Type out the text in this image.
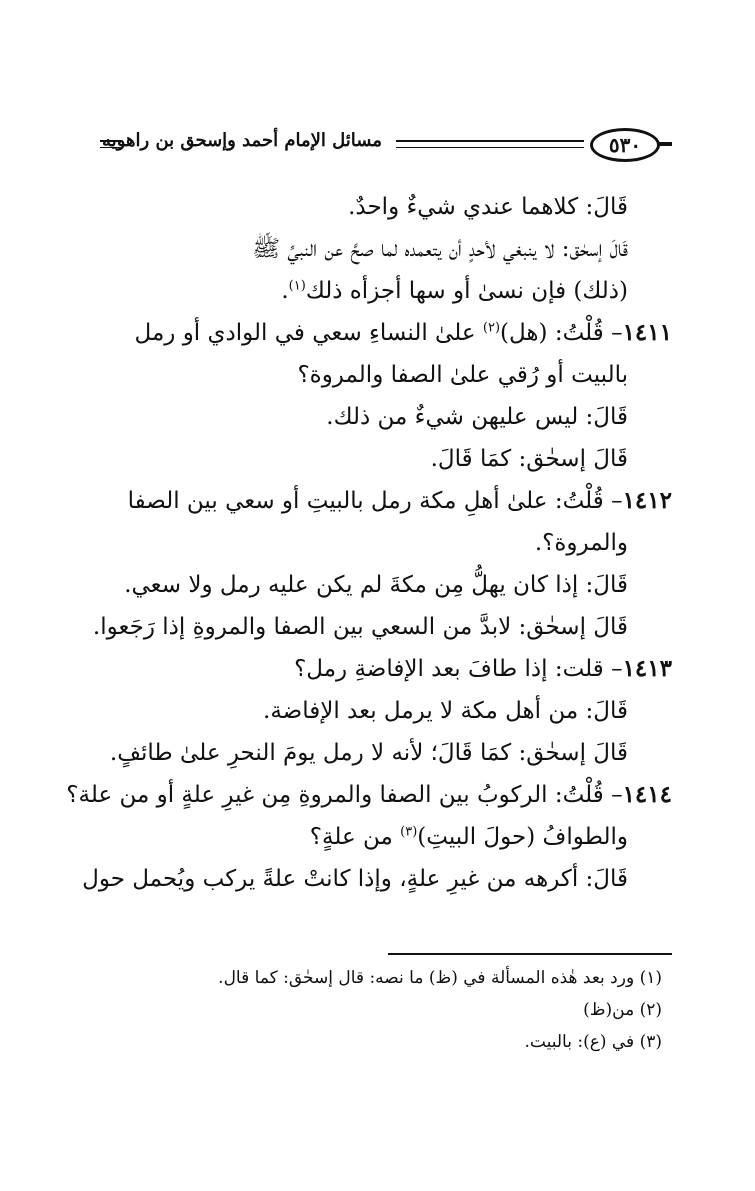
٥٣٠
مسائل الإمام أحمد وإسحق بن راهويه
قَالَ: كلاهما عندي شيءٌ واحدٌ.
قَالَ إسحٰق: لا ينبغي لأحدٍ أن يتعمده لما صحَّ عن النبيِّ ﷺ
(ذلك) فإن نسىٰ أو سها أجزأه ذلك$^{(١)}$.
١٤١١– قُلْتُ: (هل)$^{(٢)}$ علىٰ النساءِ سعي في الوادي أو رمل
بالبيت أو رُقي علىٰ الصفا والمروة؟
قَالَ: ليس عليهن شيءٌ من ذلك.
قَالَ إسحٰق: كمَا قَالَ.
١٤١٢– قُلْتُ: علىٰ أهلِ مكة رمل بالبيتِ أو سعي بين الصفا
والمروة؟.
قَالَ: إذا كان يهلُّ مِن مكةَ لم يكن عليه رمل ولا سعي.
قَالَ إسحٰق: لابدَّ من السعي بين الصفا والمروةِ إذا رَجَعوا.
١٤١٣– قلت: إذا طافَ بعد الإفاضةِ رمل؟
قَالَ: من أهل مكة لا يرمل بعد الإفاضة.
قَالَ إسحٰق: كمَا قَالَ؛ لأنه لا رمل يومَ النحرِ علىٰ طائفٍ.
١٤١٤– قُلْتُ: الركوبُ بين الصفا والمروةِ مِن غيرِ علةٍ أو من علة؟
والطوافُ (حولَ البيتِ)$^{(٣)}$ من علةٍ؟
قَالَ: أكرهه من غيرِ علةٍ، وإذا كانتْ علةً يركب ويُحمل حول
(١) ورد بعد هٰذه المسألة في (ظ) ما نصه: قال إسحٰق: كما قال.
(٢) من(ظ)
(٣) في (ع): بالبيت.
